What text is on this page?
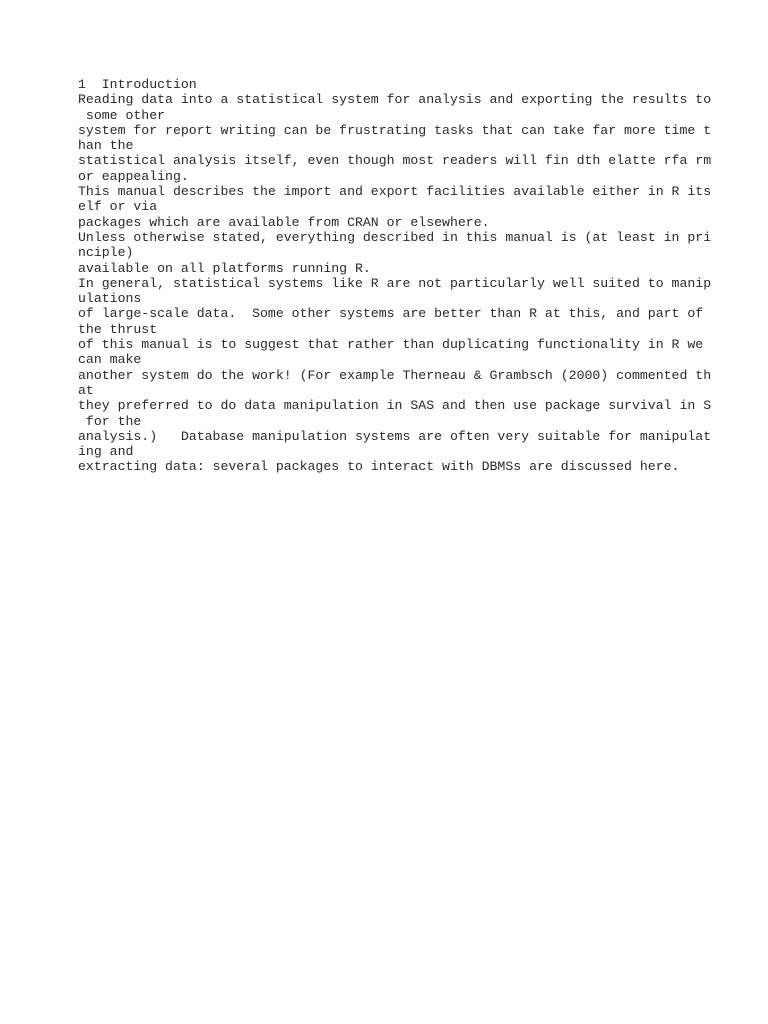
1  Introduction

Reading data into a statistical system for analysis and exporting the results to

some other

system for report writing can be frustrating tasks that can take far more time t

han the

statistical analysis itself, even though most readers will fin dth elatte rfa rm

or eappealing.

This manual describes the import and export facilities available either in R its

elf or via

packages which are available from CRAN or elsewhere.

Unless otherwise stated, everything described in this manual is (at least in pri

nciple)

available on all platforms running R.

In general, statistical systems like R are not particularly well suited to manip

ulations

of large-scale data.  Some other systems are better than R at this, and part of

the thrust

of this manual is to suggest that rather than duplicating functionality in R we

can make

another system do the work! (For example Therneau & Grambsch (2000) commented th

at

they preferred to do data manipulation in SAS and then use package survival in S

for the

analysis.)   Database manipulation systems are often very suitable for manipulat

ing and

extracting data: several packages to interact with DBMSs are discussed here.
